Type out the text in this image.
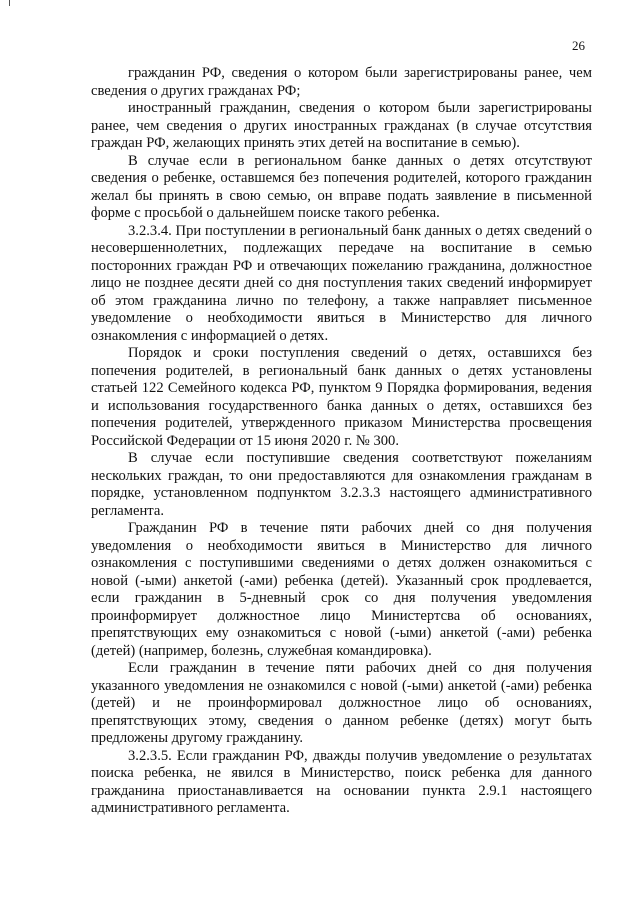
26

гражданин РФ, сведения о котором были зарегистрированы ранее, чем сведения о других гражданах РФ;

иностранный гражданин, сведения о котором были зарегистрированы ранее, чем сведения о других иностранных гражданах (в случае отсутствия граждан РФ, желающих принять этих детей на воспитание в семью).

В случае если в региональном банке данных о детях отсутствуют сведения о ребенке, оставшемся без попечения родителей, которого гражданин желал бы принять в свою семью, он вправе подать заявление в письменной форме с просьбой о дальнейшем поиске такого ребенка.

3.2.3.4. При поступлении в региональный банк данных о детях сведений о несовершеннолетних, подлежащих передаче на воспитание в семью посторонних граждан РФ и отвечающих пожеланию гражданина, должностное лицо не позднее десяти дней со дня поступления таких сведений информирует об этом гражданина лично по телефону, а также направляет письменное уведомление о необходимости явиться в Министерство для личного ознакомления с информацией о детях.

Порядок и сроки поступления сведений о детях, оставшихся без попечения родителей, в региональный банк данных о детях установлены статьей 122 Семейного кодекса РФ, пунктом 9 Порядка формирования, ведения и использования государственного банка данных о детях, оставшихся без попечения родителей, утвержденного приказом Министерства просвещения Российской Федерации от 15 июня 2020 г. № 300.

В случае если поступившие сведения соответствуют пожеланиям нескольких граждан, то они предоставляются для ознакомления гражданам в порядке, установленном подпунктом 3.2.3.3 настоящего административного регламента.

Гражданин РФ в течение пяти рабочих дней со дня получения уведомления о необходимости явиться в Министерство для личного ознакомления с поступившими сведениями о детях должен ознакомиться с новой (-ыми) анкетой (-ами) ребенка (детей). Указанный срок продлевается, если гражданин в 5-дневный срок со дня получения уведомления проинформирует должностное лицо Министертсва об основаниях, препятствующих ему ознакомиться с новой (-ыми) анкетой (-ами) ребенка (детей) (например, болезнь, служебная командировка).

Если гражданин в течение пяти рабочих дней со дня получения указанного уведомления не ознакомился с новой (-ыми) анкетой (-ами) ребенка (детей) и не проинформировал должностное лицо об основаниях, препятствующих этому, сведения о данном ребенке (детях) могут быть предложены другому гражданину.

3.2.3.5. Если гражданин РФ, дважды получив уведомление о результатах поиска ребенка, не явился в Министерство, поиск ребенка для данного гражданина приостанавливается на основании пункта 2.9.1 настоящего административного регламента.
